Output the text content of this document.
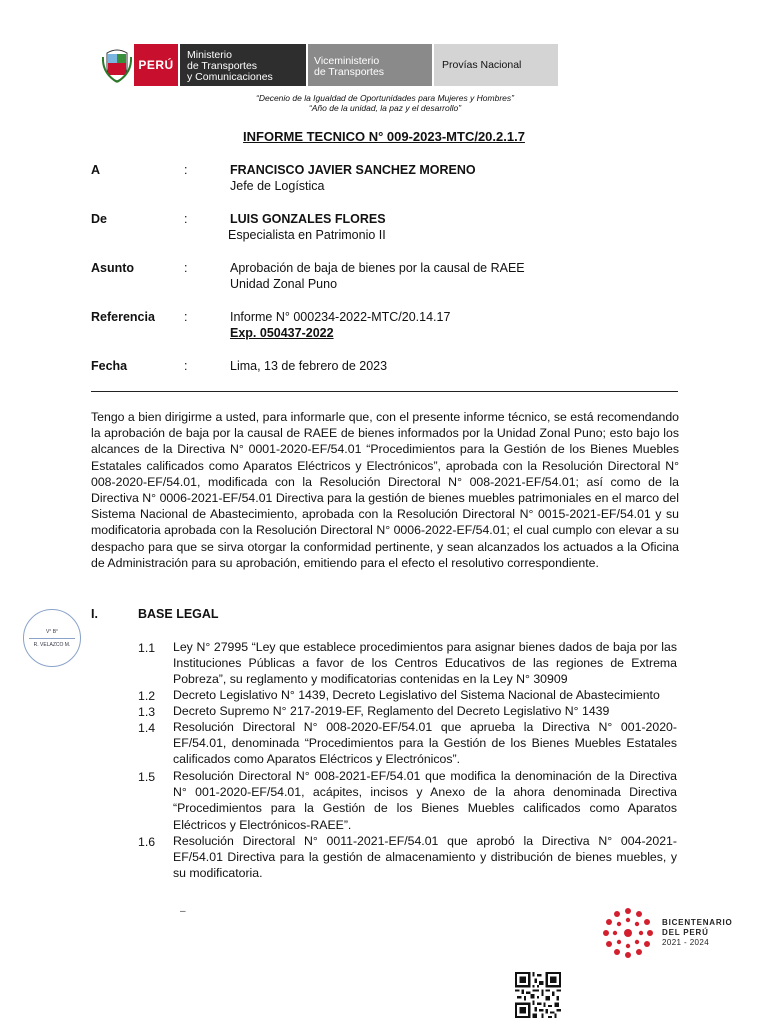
PERÚ
Ministerio
de Transportes
y Comunicaciones
Viceministerio
de Transportes
Provías Nacional
“Decenio de la Igualdad de Oportunidades para Mujeres y Hombres”
“Año de la unidad, la paz y el desarrollo”
INFORME TECNICO N° 009-2023-MTC/20.2.1.7
A	:	FRANCISCO JAVIER SANCHEZ MORENO
Jefe de Logística
De	:	LUIS GONZALES FLORES
Especialista en Patrimonio II
Asunto	:	Aprobación de baja de bienes por la causal de RAEE
Unidad Zonal Puno
Referencia :	Informe N° 000234-2022-MTC/20.14.17
Exp. 050437-2022
Fecha	:	Lima, 13 de febrero de 2023
Tengo a bien dirigirme a usted, para informarle que, con el presente informe técnico, se está recomendando la aprobación de baja por la causal de RAEE de bienes informados por la Unidad Zonal Puno; esto bajo los alcances de la Directiva N° 0001-2020-EF/54.01 “Procedimientos para la Gestión de los Bienes Muebles Estatales calificados como Aparatos Eléctricos y Electrónicos”, aprobada con la Resolución Directoral N° 008-2020-EF/54.01, modificada con la Resolución Directoral N° 008-2021-EF/54.01; así como de la Directiva N° 0006-2021-EF/54.01 Directiva para la gestión de bienes muebles patrimoniales en el marco del Sistema Nacional de Abastecimiento, aprobada con la Resolución Directoral N° 0015-2021-EF/54.01 y su modificatoria aprobada con la Resolución Directoral N° 0006-2022-EF/54.01; el cual cumplo con elevar a su despacho para que se sirva otorgar la conformidad pertinente, y sean alcanzados los actuados a la Oficina de Administración para su aprobación, emitiendo para el efecto el resolutivo correspondiente.
I.	BASE LEGAL
1.1 Ley N° 27995 “Ley que establece procedimientos para asignar bienes dados de baja por las Instituciones Públicas a favor de los Centros Educativos de las regiones de Extrema Pobreza”, su reglamento y modificatorias contenidas en la Ley N° 30909
1.2 Decreto Legislativo N° 1439, Decreto Legislativo del Sistema Nacional de Abastecimiento
1.3 Decreto Supremo N° 217-2019-EF, Reglamento del Decreto Legislativo N° 1439
1.4 Resolución Directoral N° 008-2020-EF/54.01 que aprueba la Directiva N° 001-2020-EF/54.01, denominada “Procedimientos para la Gestión de los Bienes Muebles Estatales calificados como Aparatos Eléctricos y Electrónicos”.
1.5 Resolución Directoral N° 008-2021-EF/54.01 que modifica la denominación de la Directiva N° 001-2020-EF/54.01, acápites, incisos y Anexo de la ahora denominada Directiva “Procedimientos para la Gestión de los Bienes Muebles calificados como Aparatos Eléctricos y Electrónicos-RAEE”.
1.6 Resolución Directoral N° 0011-2021-EF/54.01 que aprobó la Directiva N° 004-2021-EF/54.01 Directiva para la gestión de almacenamiento y distribución de bienes muebles, y su modificatoria.
V° B°
R. VELAZCO M.
–
BICENTENARIO
DEL PERÚ
2021 - 2024
